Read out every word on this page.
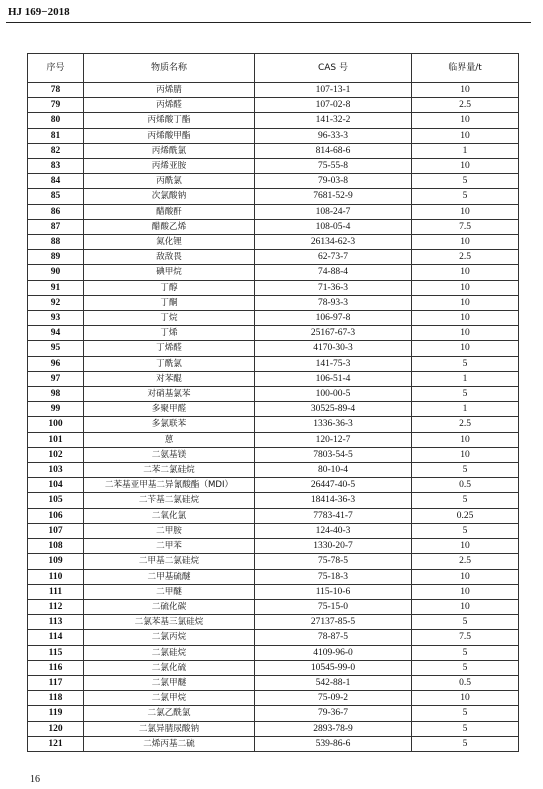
HJ 169−2018
序号	物质名称	CAS 号	临界量/t
78	丙烯腈	107-13-1	10
79	丙烯醛	107-02-8	2.5
80	丙烯酸丁酯	141-32-2	10
81	丙烯酸甲酯	96-33-3	10
82	丙烯酰氯	814-68-6	1
83	丙烯亚胺	75-55-8	10
84	丙酰氯	79-03-8	5
85	次氯酸钠	7681-52-9	5
86	醋酸酐	108-24-7	10
87	醋酸乙烯	108-05-4	7.5
88	氮化锂	26134-62-3	10
89	敌敌畏	62-73-7	2.5
90	碘甲烷	74-88-4	10
91	丁醇	71-36-3	10
92	丁酮	78-93-3	10
93	丁烷	106-97-8	10
94	丁烯	25167-67-3	10
95	丁烯醛	4170-30-3	10
96	丁酰氯	141-75-3	5
97	对苯醌	106-51-4	1
98	对硝基氯苯	100-00-5	5
99	多聚甲醛	30525-89-4	1
100	多氯联苯	1336-36-3	2.5
101	蒽	120-12-7	10
102	二氨基镁	7803-54-5	10
103	二苯二氯硅烷	80-10-4	5
104	二苯基亚甲基二异氰酸酯（MDI）	26447-40-5	0.5
105	二苄基二氯硅烷	18414-36-3	5
106	二氧化氯	7783-41-7	0.25
107	二甲胺	124-40-3	5
108	二甲苯	1330-20-7	10
109	二甲基二氯硅烷	75-78-5	2.5
110	二甲基硫醚	75-18-3	10
111	二甲醚	115-10-6	10
112	二硫化碳	75-15-0	10
113	二氯苯基三氯硅烷	27137-85-5	5
114	二氯丙烷	78-87-5	7.5
115	二氯硅烷	4109-96-0	5
116	二氯化硫	10545-99-0	5
117	二氯甲醚	542-88-1	0.5
118	二氯甲烷	75-09-2	10
119	二氯乙酰氯	79-36-7	5
120	二氯异腈尿酸钠	2893-78-9	5
121	二烯丙基二硫	539-86-6	5
16
